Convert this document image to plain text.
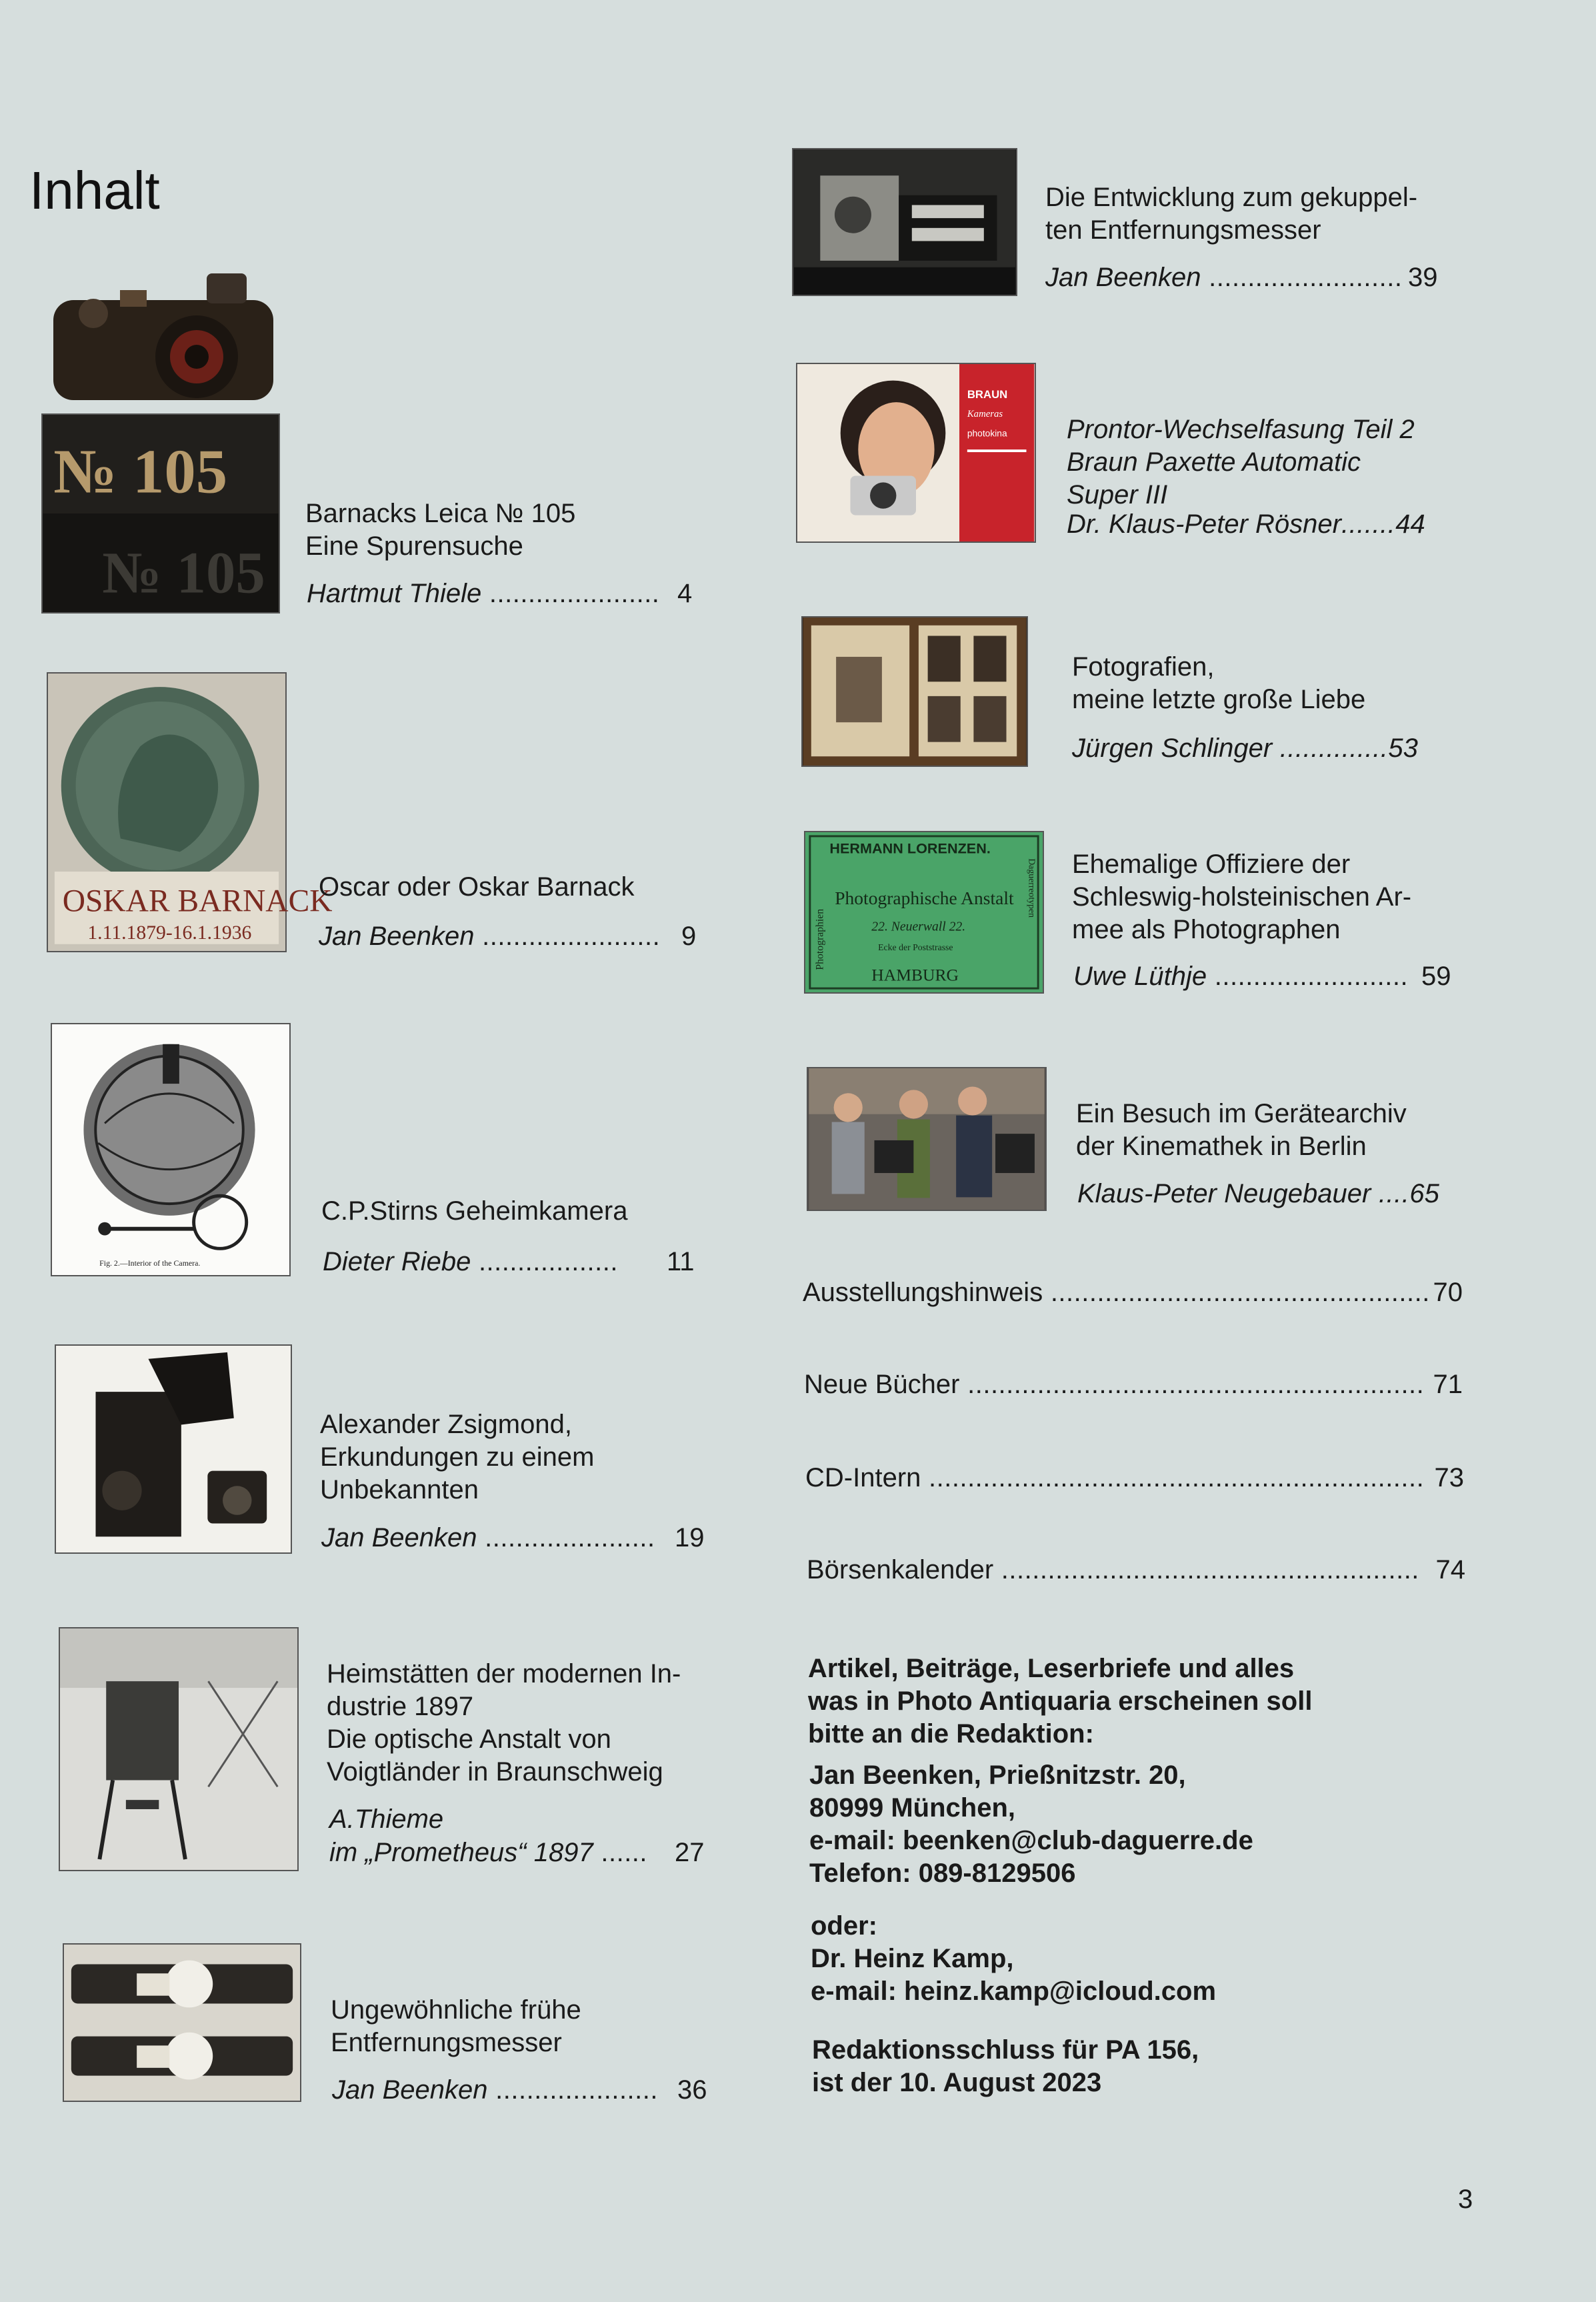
Inhalt
№ 105
№ 105
Barnacks Leica № 105
Eine Spurensuche
Hartmut Thiele ...................... 4
OSKAR BARNACK
1.11.1879-16.1.1936
Oscar oder Oskar Barnack
Jan Beenken ....................... 9
Fig. 2.—Interior of the Camera.
C.P.Stirns Geheimkamera
Dieter Riebe .................. 11
Alexander Zsigmond,
Erkundungen zu einem
Unbekannten
Jan Beenken ...................... 19
Heimstätten der modernen In-
dustrie 1897
Die optische Anstalt von
Voigtländer in Braunschweig
A.Thieme
im „Prometheus“ 1897 ...... 27
Ungewöhnliche frühe
Entfernungsmesser
Jan Beenken ..................... 36
Die Entwicklung zum gekuppel-
ten Entfernungsmesser
Jan Beenken ......................... 39
BRAUN
Kameras
photokina Prontor-Wechselfasung Teil 2
Braun Paxette Automatic
Super III
Dr. Klaus-Peter Rösner.......44
Fotografien,
meine letzte große Liebe
Jürgen Schlinger ..............53
HERMANN LORENZEN.
Photographische Anstalt
22. Neuerwall 22.
Ecke der Poststrasse
HAMBURG
Photographien
Daguerreotypen Ehemalige Offiziere der
Schleswig-holsteinischen Ar-
mee als Photographen
Uwe Lüthje ......................... 59
Ein Besuch im Gerätearchiv
der Kinemathek in Berlin
Klaus-Peter Neugebauer ....65
Ausstellungshinweis ................................................. 70
Neue Bücher ........................................................... 71
CD-Intern ................................................................ 73
Börsenkalender ...................................................... 74
Artikel, Beiträge, Leserbriefe und alles
was in Photo Antiquaria erscheinen soll
bitte an die Redaktion:
Jan Beenken, Prießnitzstr. 20,
80999 München,
e-mail: beenken@club-daguerre.de
Telefon: 089-8129506
oder:
Dr. Heinz Kamp,
e-mail: heinz.kamp@icloud.com
Redaktionsschluss für PA 156,
ist der 10. August 2023
3
